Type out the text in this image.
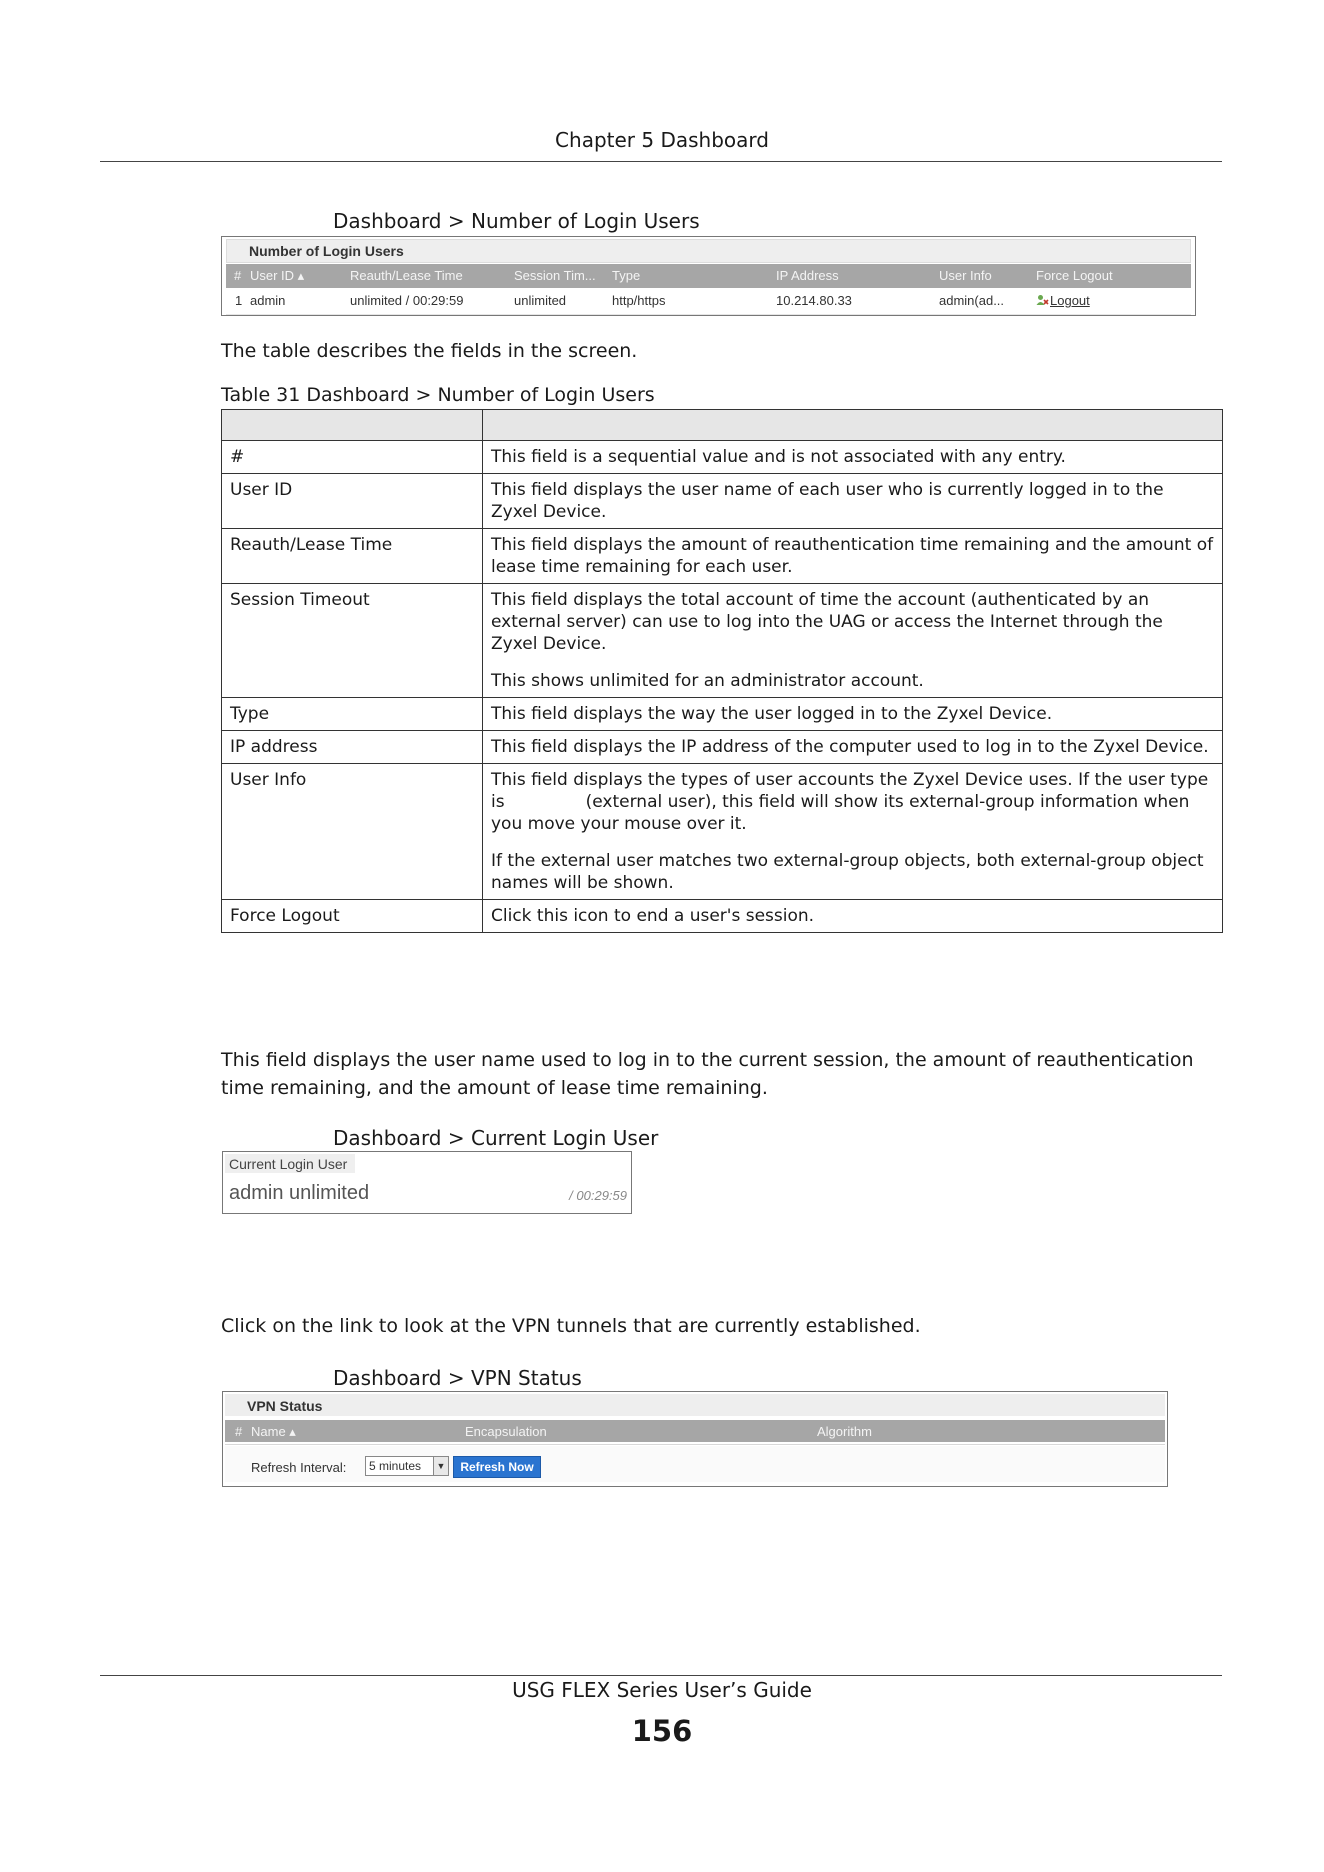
Chapter 5 Dashboard
Dashboard > Number of Login Users
Number of Login Users
# User ID ▴	Reauth/Lease Time	Session Tim... Type	IP Address	User Info	Force Logout
1 admin	unlimited / 00:29:59	unlimited	http/https	10.214.80.33	admin(ad...	Logout
The table describes the fields in the screen.
Table 31 Dashboard > Number of Login Users

#	This field is a sequential value and is not associated with any entry.

User ID	This field displays the user name of each user who is currently logged in to the Zyxel Device.

Reauth/Lease Time	This field displays the amount of reauthentication time remaining and the amount of lease time remaining for each user.

Session Timeout	This field displays the total account of time the account (authenticated by an external server) can use to log into the UAG or access the Internet through the Zyxel Device.

This shows unlimited for an administrator account.

Type	This field displays the way the user logged in to the Zyxel Device.

IP address	This field displays the IP address of the computer used to log in to the Zyxel Device.

User Info	This field displays the types of user accounts the Zyxel Device uses. If the user type is               (external user), this field will show its external-group information when you move your mouse over it.

If the external user matches two external-group objects, both external-group object names will be shown.

Force Logout	Click this icon to end a user's session.

This field displays the user name used to log in to the current session, the amount of reauthentication time remaining, and the amount of lease time remaining.
Dashboard > Current Login User
Current Login User
admin unlimited	/ 00:29:59
Click on the link to look at the VPN tunnels that are currently established.
Dashboard > VPN Status
VPN Status
# Name ▴	Encapsulation	Algorithm
Refresh Interval: 5 minutes	▼	Refresh Now
USG FLEX Series User’s Guide
156
